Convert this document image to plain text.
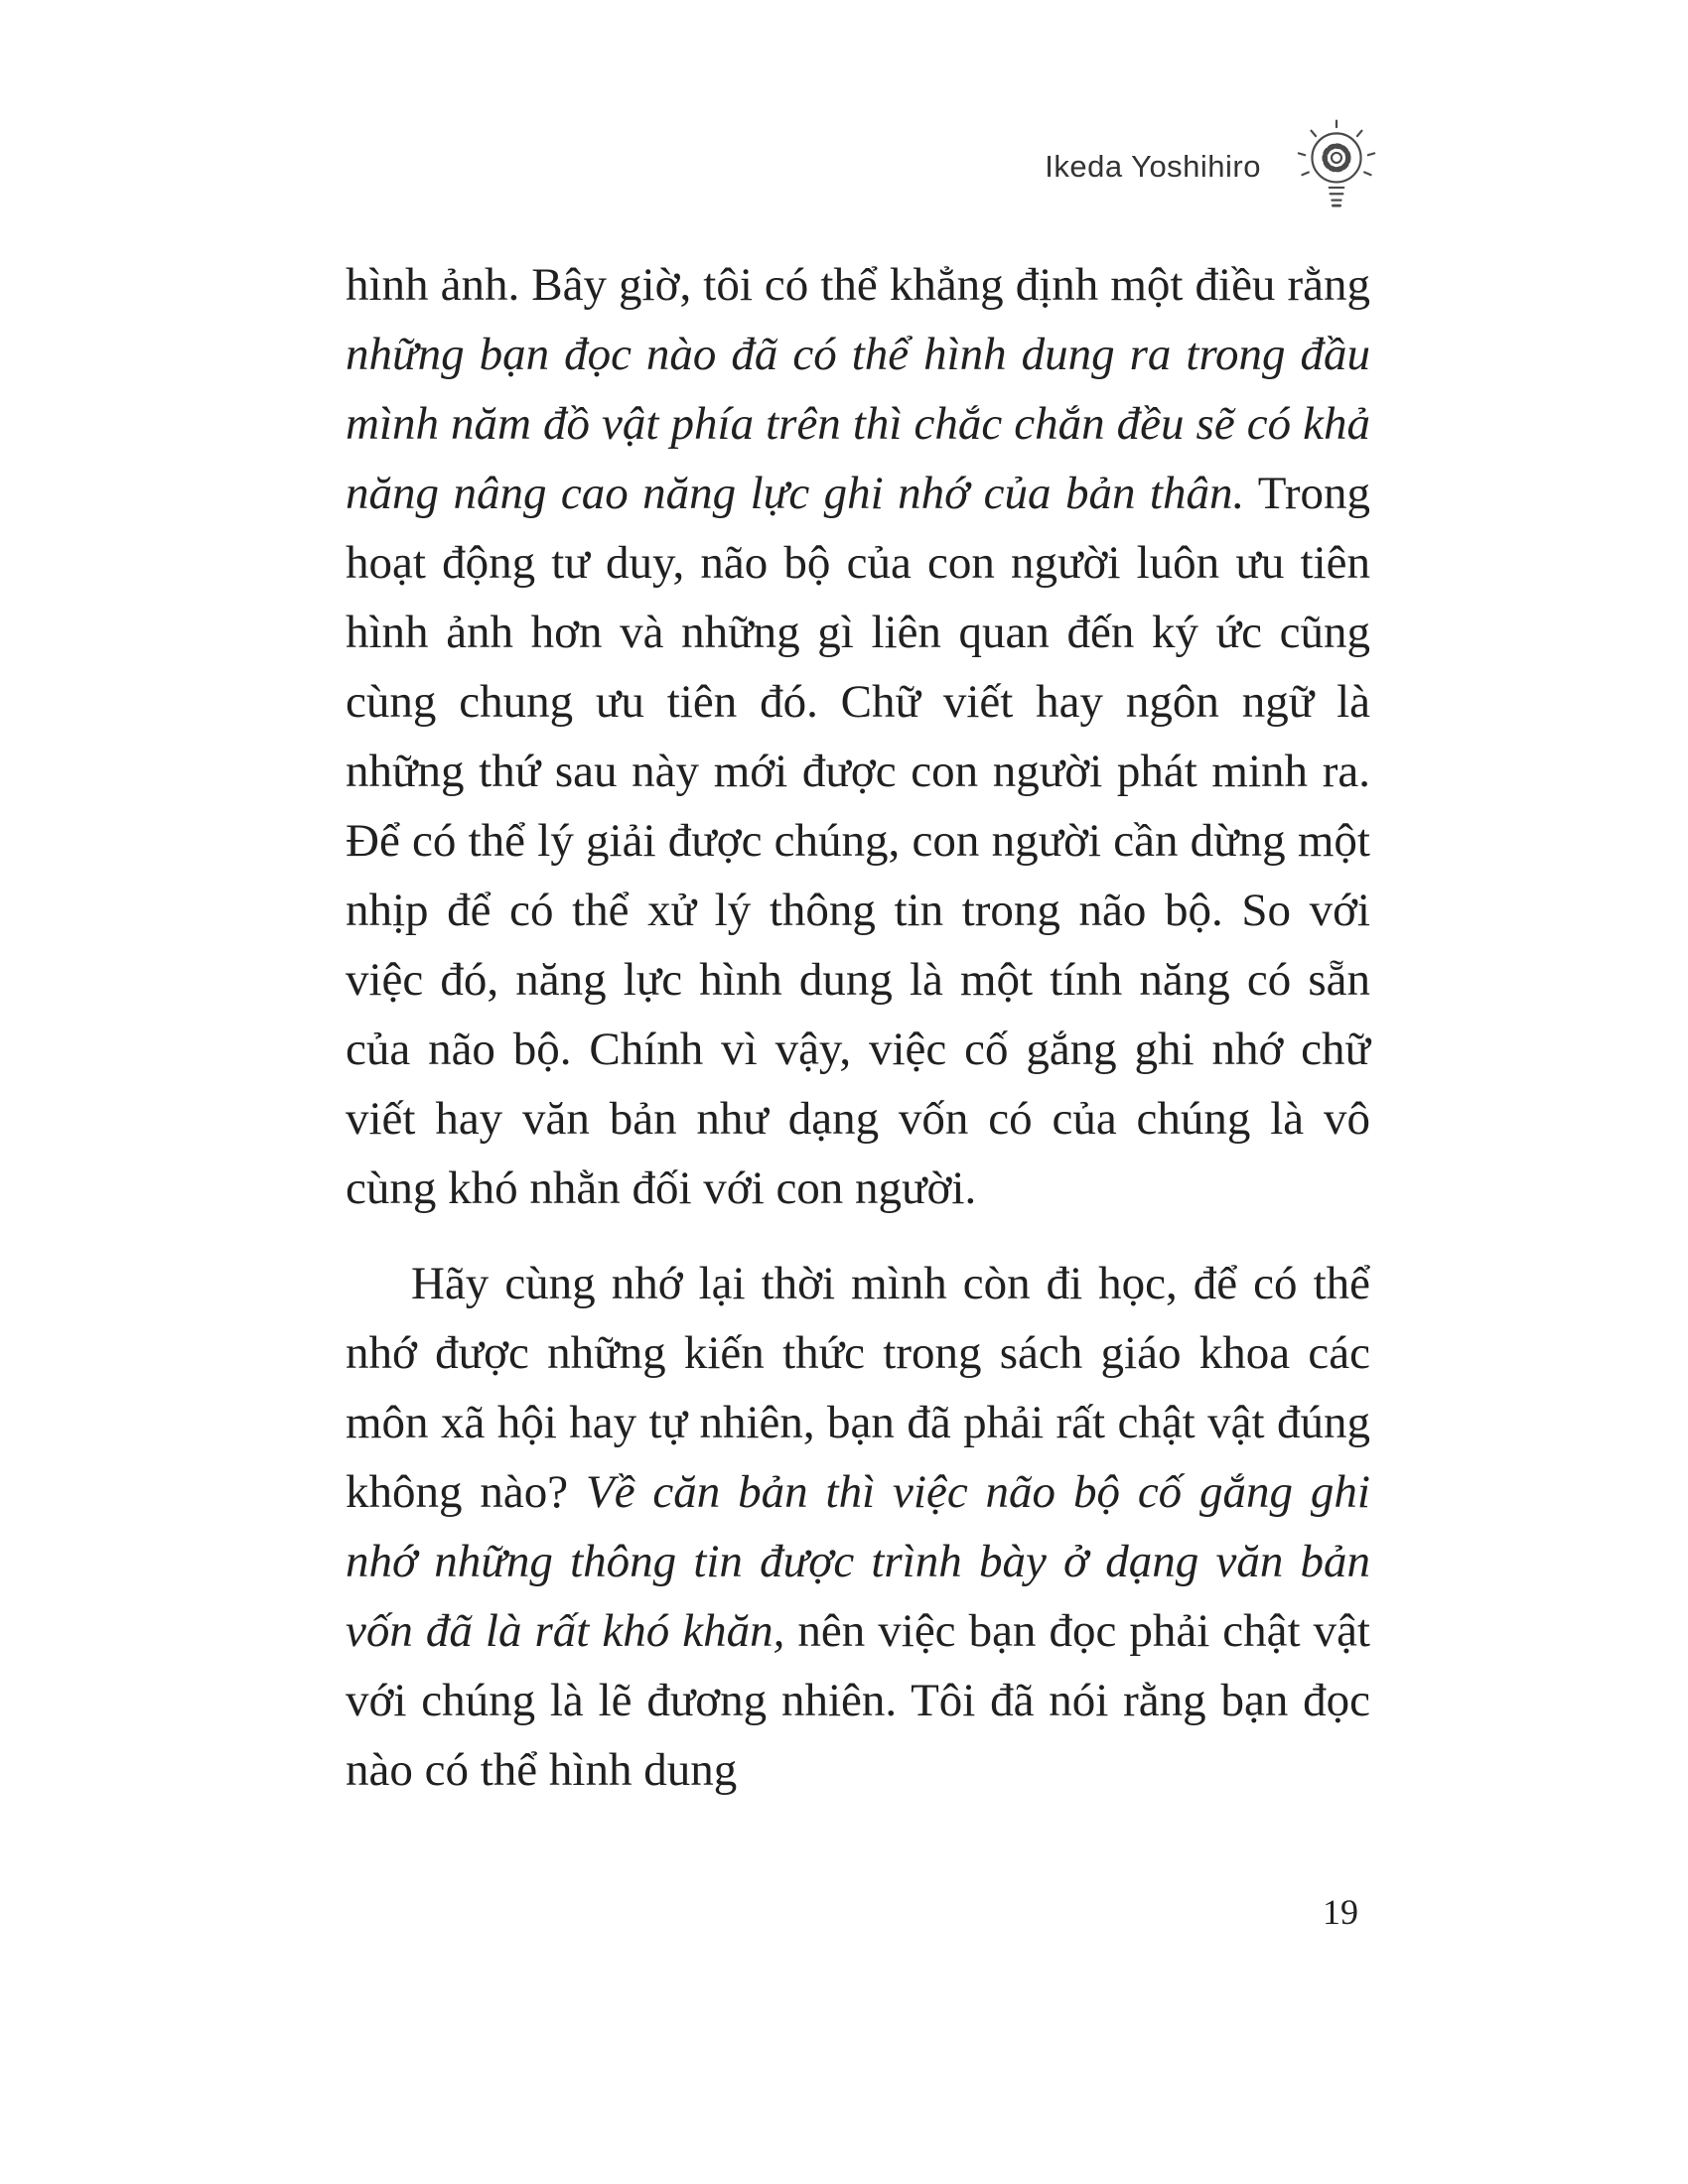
Ikeda Yoshihiro

hình ảnh. Bây giờ, tôi có thể khẳng định một điều rằng những bạn đọc nào đã có thể hình dung ra trong đầu mình năm đồ vật phía trên thì chắc chắn đều sẽ có khả năng nâng cao năng lực ghi nhớ của bản thân. Trong hoạt động tư duy, não bộ của con người luôn ưu tiên hình ảnh hơn và những gì liên quan đến ký ức cũng cùng chung ưu tiên đó. Chữ viết hay ngôn ngữ là những thứ sau này mới được con người phát minh ra. Để có thể lý giải được chúng, con người cần dừng một nhịp để có thể xử lý thông tin trong não bộ. So với việc đó, năng lực hình dung là một tính năng có sẵn của não bộ. Chính vì vậy, việc cố gắng ghi nhớ chữ viết hay văn bản như dạng vốn có của chúng là vô cùng khó nhằn đối với con người.

Hãy cùng nhớ lại thời mình còn đi học, để có thể nhớ được những kiến thức trong sách giáo khoa các môn xã hội hay tự nhiên, bạn đã phải rất chật vật đúng không nào? Về căn bản thì việc não bộ cố gắng ghi nhớ những thông tin được trình bày ở dạng văn bản vốn đã là rất khó khăn, nên việc bạn đọc phải chật vật với chúng là lẽ đương nhiên. Tôi đã nói rằng bạn đọc nào có thể hình dung

19
